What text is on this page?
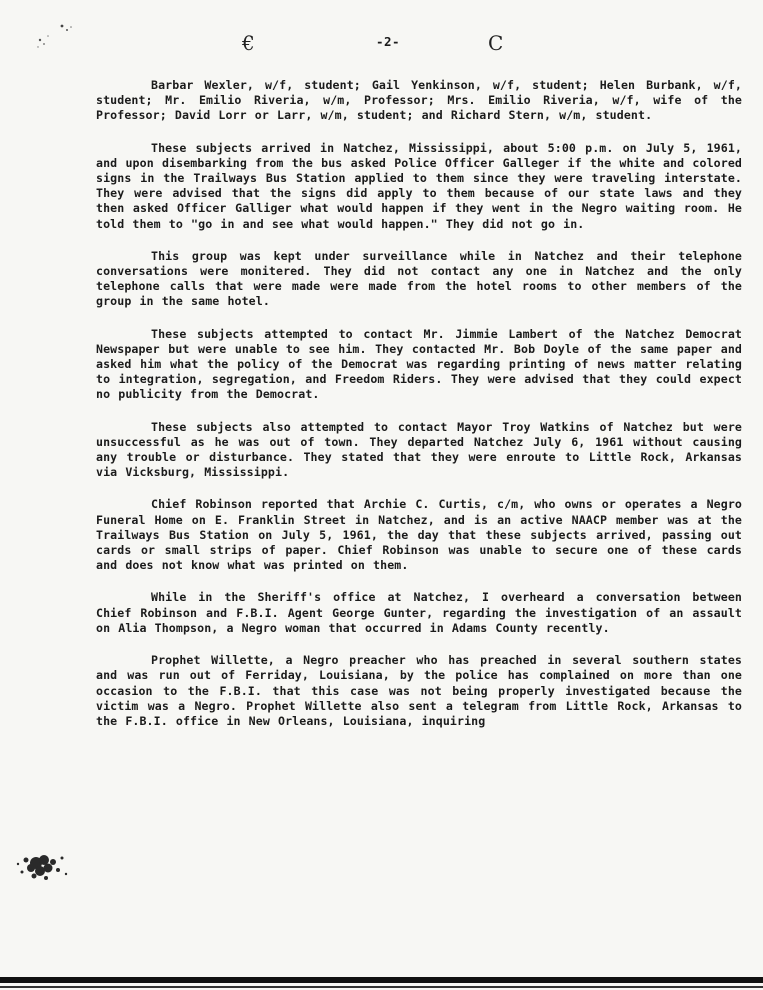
€	-2-	C

Barbar Wexler, w/f, student; Gail Yenkinson, w/f, student; Helen Burbank, w/f, student; Mr. Emilio Riveria, w/m, Professor; Mrs. Emilio Riveria, w/f, wife of the Professor; David Lorr or Larr, w/m, student; and Richard Stern, w/m, student.

These subjects arrived in Natchez, Mississippi, about 5:00 p.m. on July 5, 1961, and upon disembarking from the bus asked Police Officer Galleger if the white and colored signs in the Trailways Bus Station applied to them since they were traveling interstate. They were advised that the signs did apply to them because of our state laws and they then asked Officer Galliger what would happen if they went in the Negro waiting room. He told them to "go in and see what would happen." They did not go in.

This group was kept under surveillance while in Natchez and their telephone conversations were monitered. They did not contact any one in Natchez and the only telephone calls that were made were made from the hotel rooms to other members of the group in the same hotel.

These subjects attempted to contact Mr. Jimmie Lambert of the Natchez Democrat Newspaper but were unable to see him. They contacted Mr. Bob Doyle of the same paper and asked him what the policy of the Democrat was regarding printing of news matter relating to integration, segregation, and Freedom Riders. They were advised that they could expect no publicity from the Democrat.

These subjects also attempted to contact Mayor Troy Watkins of Natchez but were unsuccessful as he was out of town. They departed Natchez July 6, 1961 without causing any trouble or disturbance. They stated that they were enroute to Little Rock, Arkansas via Vicksburg, Mississippi.

Chief Robinson reported that Archie C. Curtis, c/m, who owns or operates a Negro Funeral Home on E. Franklin Street in Natchez, and is an active NAACP member was at the Trailways Bus Station on July 5, 1961, the day that these subjects arrived, passing out cards or small strips of paper. Chief Robinson was unable to secure one of these cards and does not know what was printed on them.

While in the Sheriff's office at Natchez, I overheard a conversation between Chief Robinson and F.B.I. Agent George Gunter, regarding the investigation of an assault on Alia Thompson, a Negro woman that occurred in Adams County recently.

Prophet Willette, a Negro preacher who has preached in several southern states and was run out of Ferriday, Louisiana, by the police has complained on more than one occasion to the F.B.I. that this case was not being properly investigated because the victim was a Negro. Prophet Willette also sent a telegram from Little Rock, Arkansas to the F.B.I. office in New Orleans, Louisiana, inquiring
